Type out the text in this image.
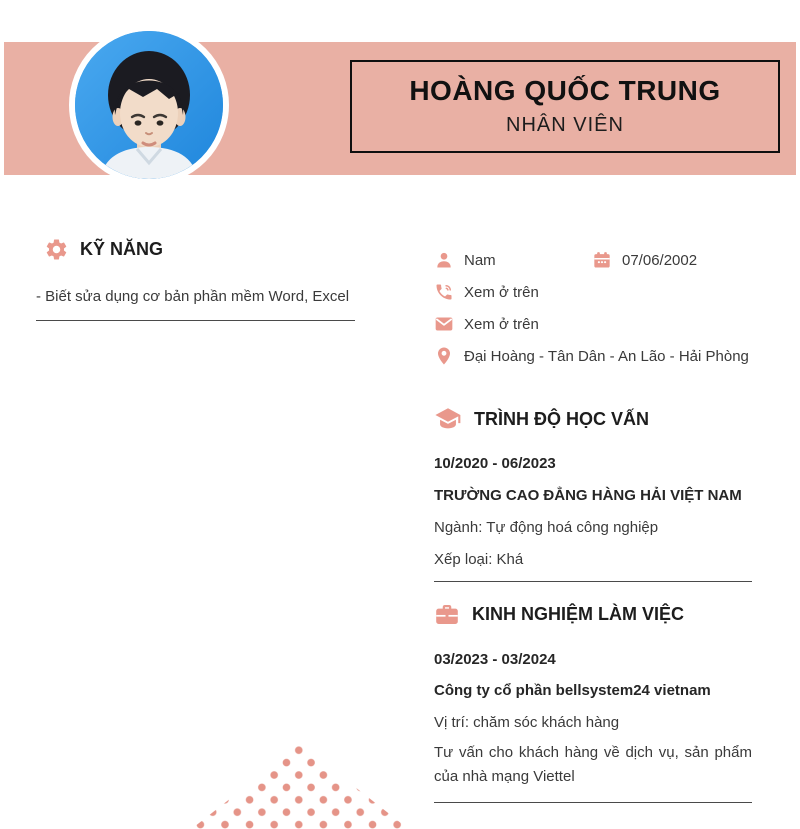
HOÀNG QUỐC TRUNG
NHÂN VIÊN
KỸ NĂNG
- Biết sửa dụng cơ bản phần mềm Word, Excel
Nam	07/06/2002
Xem ở trên
Xem ở trên
Đại Hoàng - Tân Dân - An Lão - Hải Phòng
TRÌNH ĐỘ HỌC VẤN
10/2020 - 06/2023
TRƯỜNG CAO ĐẲNG HÀNG HẢI VIỆT NAM
Ngành: Tự động hoá công nghiệp
Xếp loại: Khá
KINH NGHIỆM LÀM VIỆC
03/2023 - 03/2024
Công ty cổ phần bellsystem24 vietnam
Vị trí: chăm sóc khách hàng
Tư vấn cho khách hàng về dịch vụ, sản phẩm của nhà mạng Viettel
